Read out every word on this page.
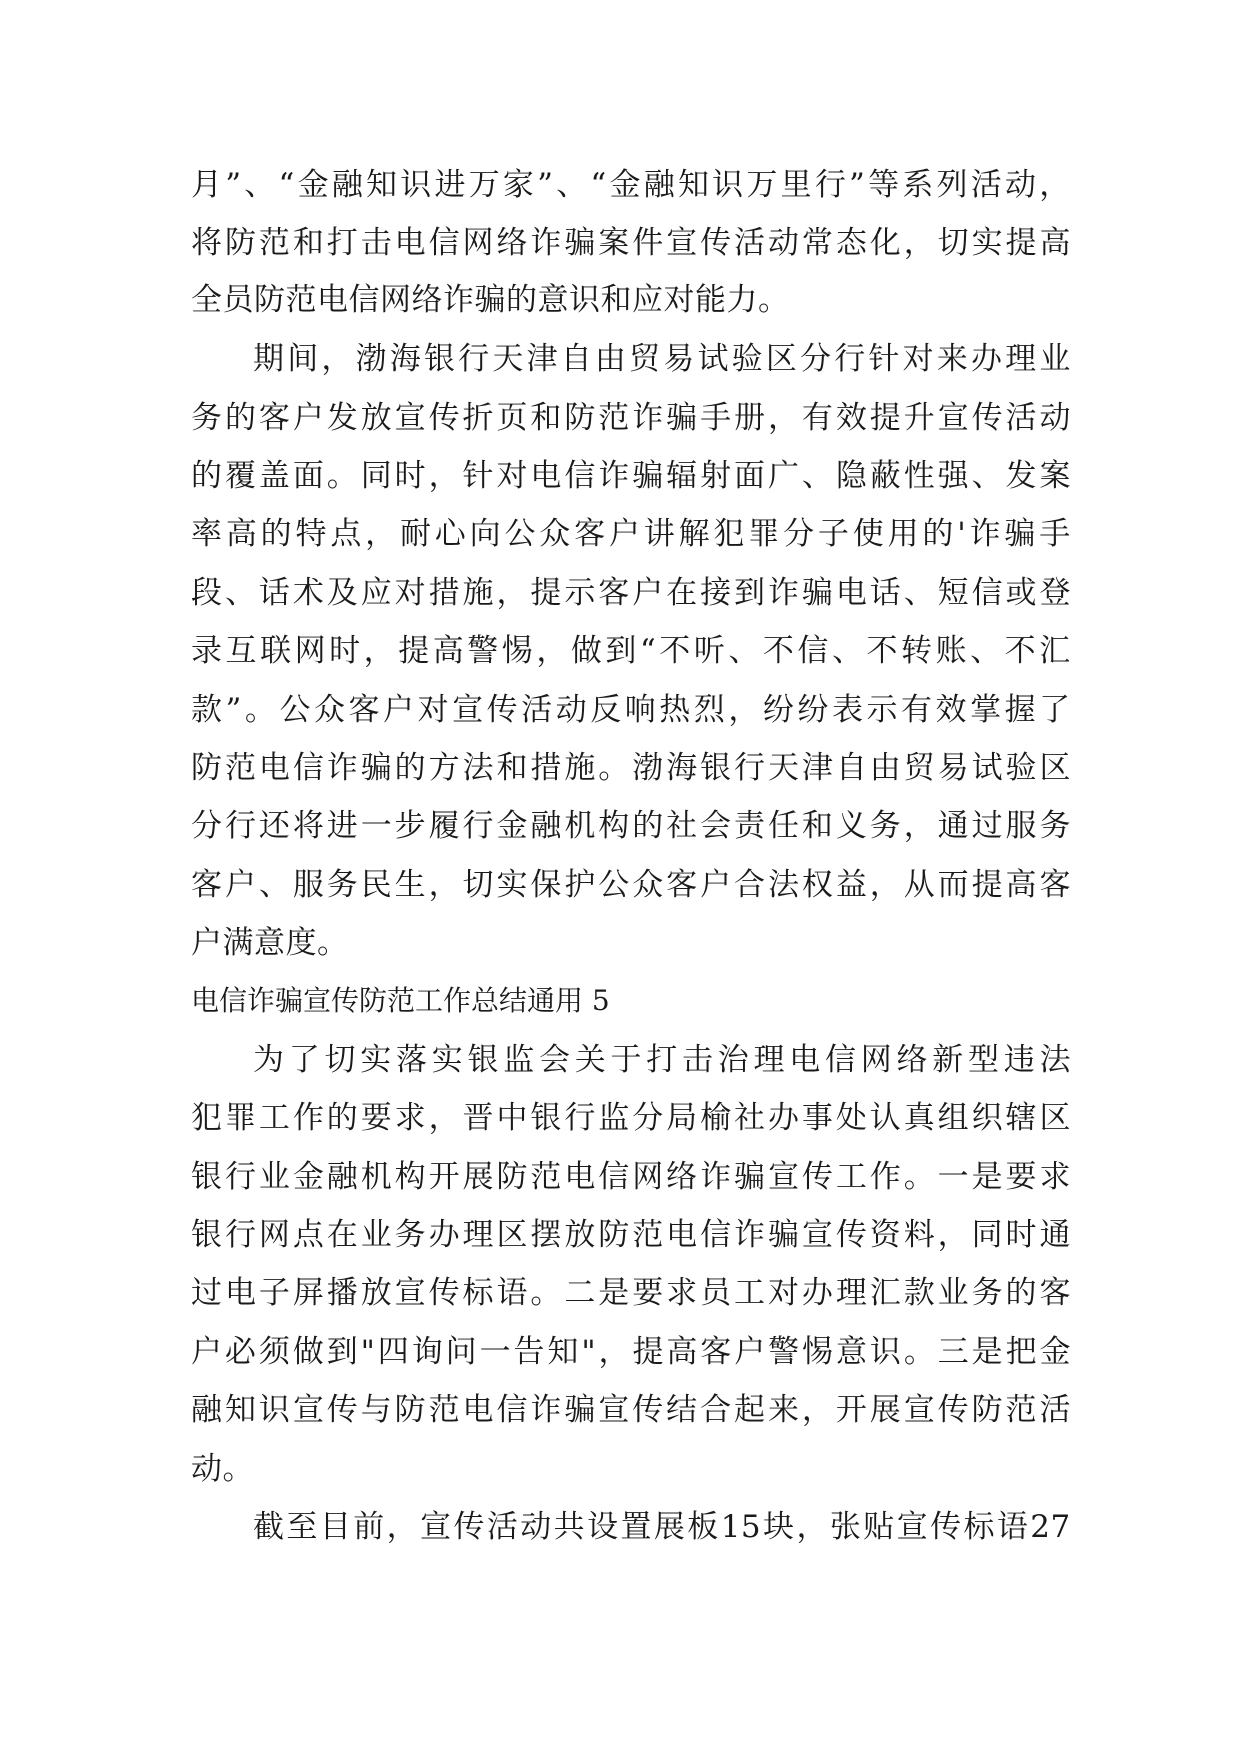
月 ” 、 “ 金 融 知 识 进 万 家 ” 、 “ 金 融 知 识 万 里 行 ” 等 系 列 活 动 ，
将 防 范 和 打 击 电 信 网 络 诈 骗 案 件 宣 传 活 动 常 态 化 ， 切 实 提 高
全员防范电信网络诈骗的意识和应对能力。
期 间 ， 渤 海 银 行 天 津 自 由 贸 易 试 验 区 分 行 针 对 来 办 理 业
务 的 客 户 发 放 宣 传 折 页 和 防 范 诈 骗 手 册 ， 有 效 提 升 宣 传 活 动
的 覆 盖 面 。 同 时 ， 针 对 电 信 诈 骗 辐 射 面 广 、 隐 蔽 性 强 、 发 案
率 高 的 特 点 ， 耐 心 向 公 众 客 户 讲 解 犯 罪 分 子 使 用 的 ' 诈 骗 手
段 、 话 术 及 应 对 措 施 ， 提 示 客 户 在 接 到 诈 骗 电 话 、 短 信 或 登
录 互 联 网 时 ， 提 高 警 惕 ， 做 到 “ 不 听 、 不 信 、 不 转 账 、 不 汇
款 ” 。 公 众 客 户 对 宣 传 活 动 反 响 热 烈 ， 纷 纷 表 示 有 效 掌 握 了
防 范 电 信 诈 骗 的 方 法 和 措 施 。 渤 海 银 行 天 津 自 由 贸 易 试 验 区
分 行 还 将 进 一 步 履 行 金 融 机 构 的 社 会 责 任 和 义 务 ， 通 过 服 务
客 户 、 服 务 民 生 ， 切 实 保 护 公 众 客 户 合 法 权 益 ， 从 而 提 高 客
户满意度。
电信诈骗宣传防范工作总结通用 5
为 了 切 实 落 实 银 监 会 关 于 打 击 治 理 电 信 网 络 新 型 违 法
犯 罪 工 作 的 要 求 ， 晋 中 银 行 监 分 局 榆 社 办 事 处 认 真 组 织 辖 区
银 行 业 金 融 机 构 开 展 防 范 电 信 网 络 诈 骗 宣 传 工 作 。 一 是 要 求
银 行 网 点 在 业 务 办 理 区 摆 放 防 范 电 信 诈 骗 宣 传 资 料 ， 同 时 通
过 电 子 屏 播 放 宣 传 标 语 。 二 是 要 求 员 工 对 办 理 汇 款 业 务 的 客
户 必 须 做 到 " 四 询 问 一 告 知 " ， 提 高 客 户 警 惕 意 识 。 三 是 把 金
融 知 识 宣 传 与 防 范 电 信 诈 骗 宣 传 结 合 起 来 ， 开 展 宣 传 防 范 活
动。
截 至 目 前 ， 宣 传 活 动 共 设 置 展 板 15 块 ， 张 贴 宣 传 标 语 27
